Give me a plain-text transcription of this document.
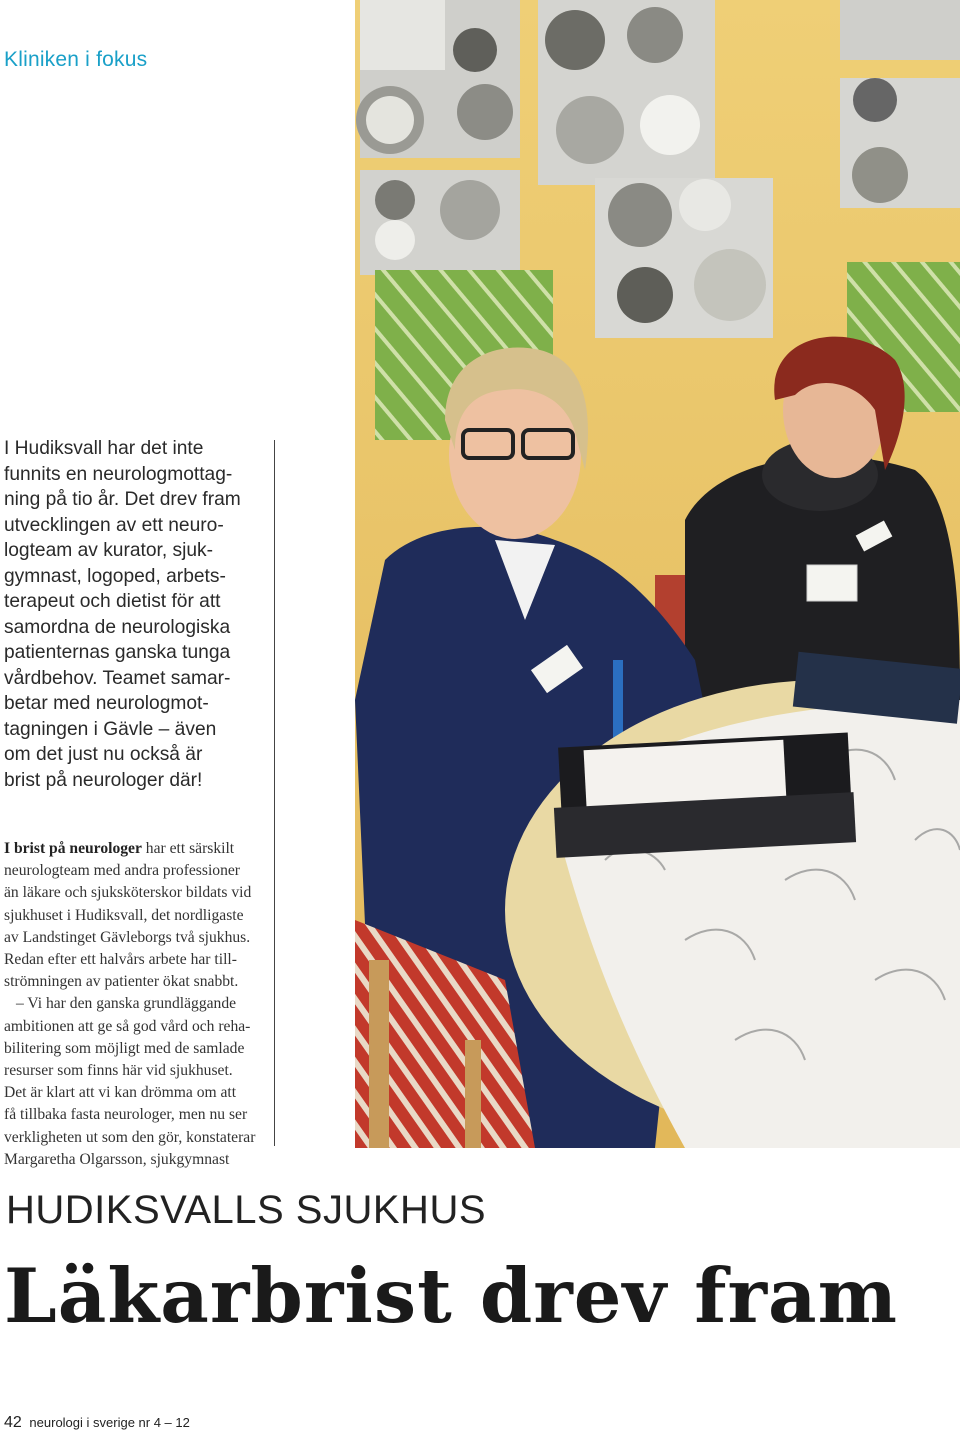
Kliniken i fokus
I Hudiksvall har det inte
funnits en neurologmottag-
ning på tio år. Det drev fram
utvecklingen av ett neuro-
logteam av kurator, sjuk-
gymnast, logoped, arbets-
terapeut och dietist för att
samordna de neurologiska
patienternas ganska tunga
vårdbehov. Teamet samar-
betar med neurologmot-
tagningen i Gävle – även
om det just nu också är
brist på neurologer där!
I brist på neurologer har ett särskilt
neurologteam med andra professioner
än läkare och sjuksköterskor bildats vid
sjukhuset i Hudiksvall, det nordligaste
av Landstinget Gävleborgs två sjukhus.
Redan efter ett halvårs arbete har till-
strömningen av patienter ökat snabbt.
– Vi har den ganska grundläggande
ambitionen att ge så god vård och reha-
bilitering som möjligt med de samlade
resurser som finns här vid sjukhuset.
Det är klart att vi kan drömma om att
få tillbaka fasta neurologer, men nu ser
verkligheten ut som den gör, konstaterar
Margaretha Olgarsson, sjukgymnast
HUDIKSVALLS SJUKHUS
Läkarbrist drev fram
42 neurologi i sverige nr 4 – 12
